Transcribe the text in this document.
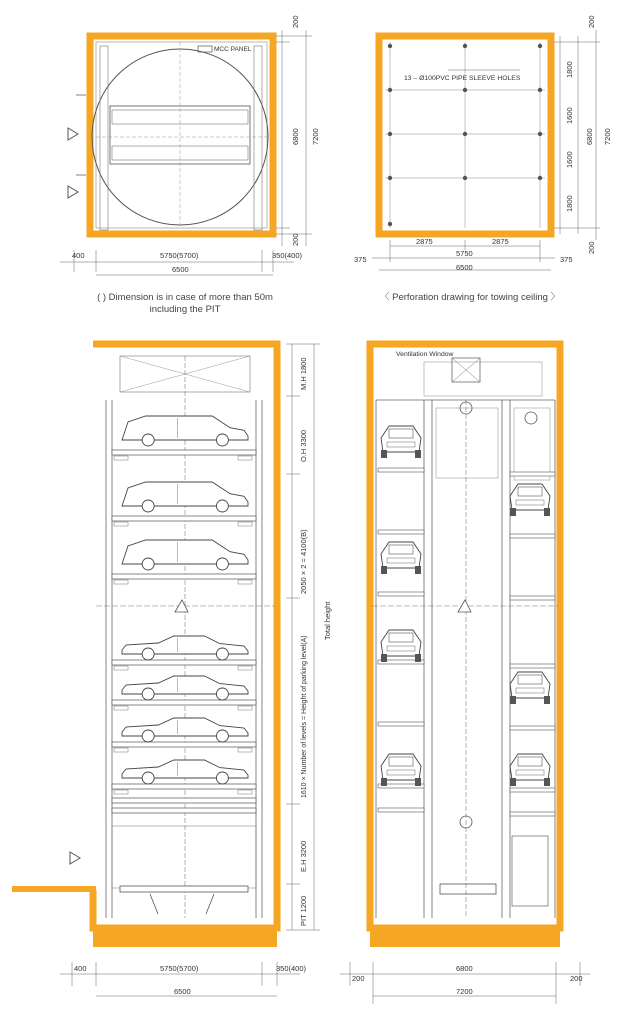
MCC PANEL
200
6800 7200
200
400	5750(5700)	350(400)
6500
13 – Ø100PVC PIPE SLEEVE HOLES
1800
1600
1600
1800
200
6800 7200
200
2875	2875
375
5750
375
6500
M.H 1800
O.H 3300
2050 × 2 = 4100(B)
1610 × Number of levels = Height of parking level(A)
E.H 3200
PIT 1200
Total height
400	5750(5700)	350(400)
6500
Ventilation Window
200
6800
200
7200
( ) Dimension is in case of more than 50m
including the PIT
〈 Perforation drawing for towing ceiling 〉
